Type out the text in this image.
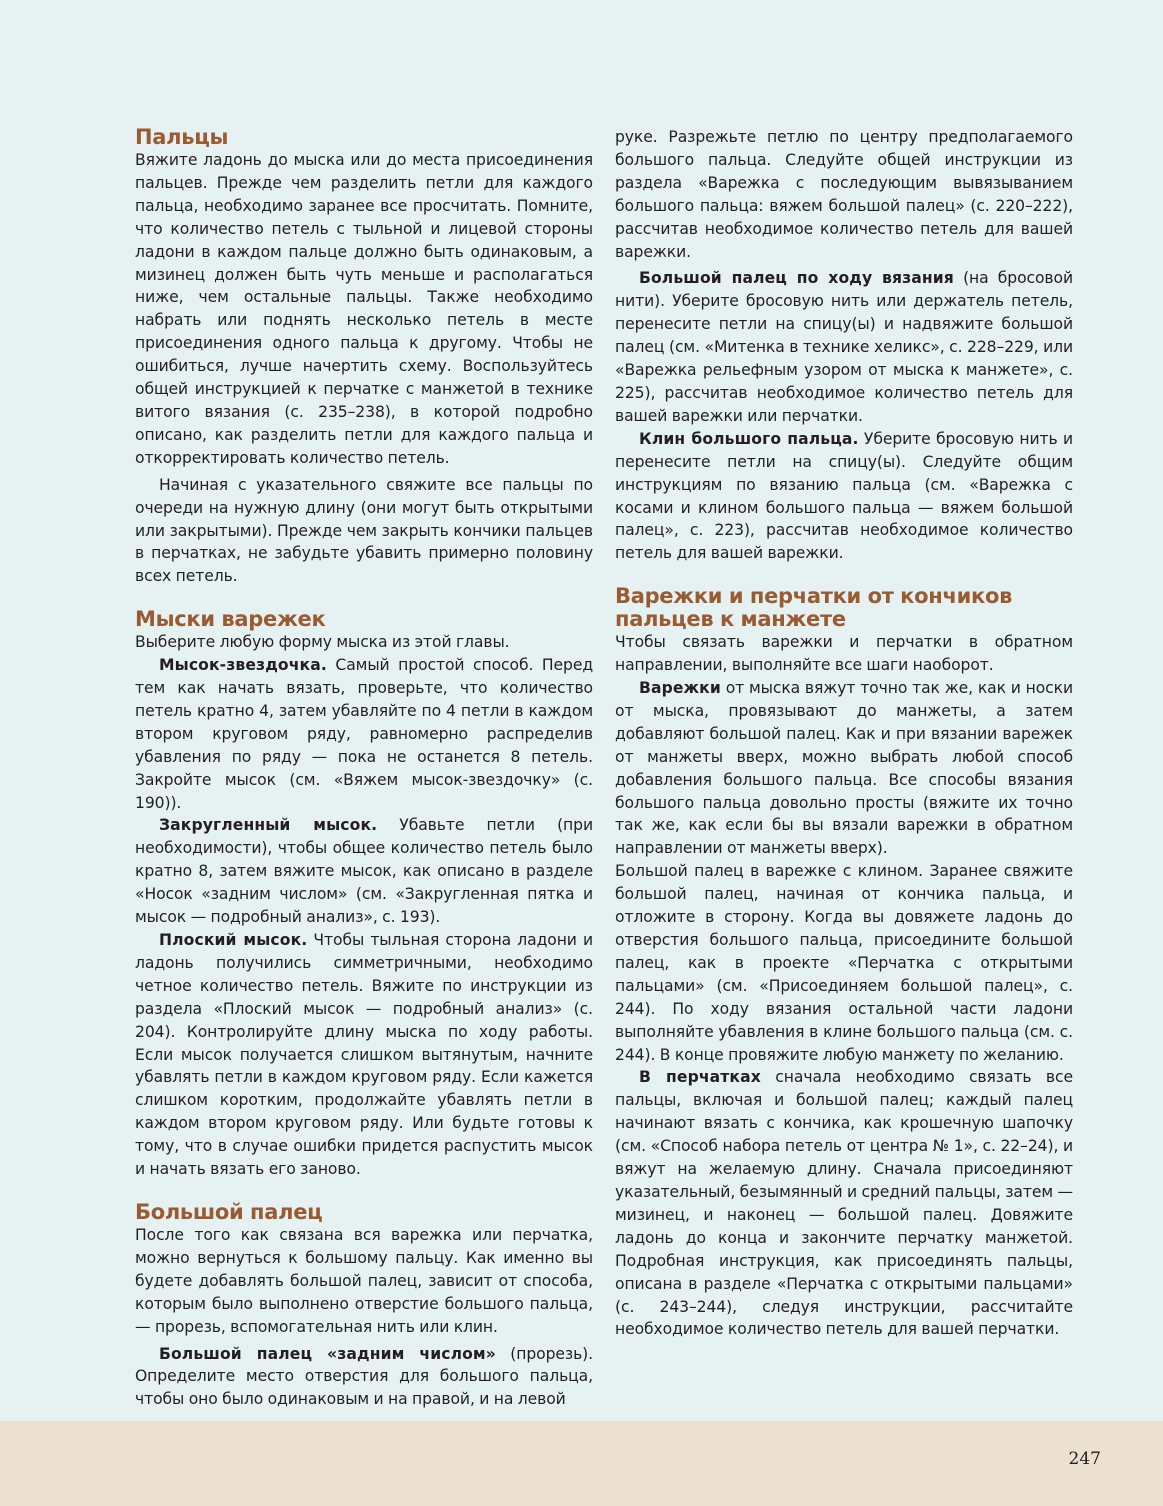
Пальцы

Вяжите ладонь до мыска или до места присоединения пальцев. Прежде чем разделить петли для каждого пальца, необходимо заранее все просчитать. Помните, что количество петель с тыльной и лицевой стороны ладони в каждом пальце должно быть одинаковым, а мизинец должен быть чуть меньше и располагаться ниже, чем остальные пальцы. Также необходимо набрать или поднять несколько петель в месте присоединения одного пальца к другому. Чтобы не ошибиться, лучше начертить схему. Воспользуйтесь общей инструкцией к перчатке с манжетой в технике витого вязания (с. 235–238), в которой подробно описано, как разделить петли для каждого пальца и откорректировать количество петель.

Начиная с указательного свяжите все пальцы по очереди на нужную длину (они могут быть открытыми или закрытыми). Прежде чем закрыть кончики пальцев в перчатках, не забудьте убавить примерно половину всех петель.

Мыски варежек

Выберите любую форму мыска из этой главы.

Мысок-звездочка. Самый простой способ. Перед тем как начать вязать, проверьте, что количество петель кратно 4, затем убавляйте по 4 петли в каждом втором круговом ряду, равномерно распределив убавления по ряду — пока не останется 8 петель. Закройте мысок (см. «Вяжем мысок-звездочку» (с. 190)).

Закругленный мысок. Убавьте петли (при необходимости), чтобы общее количество петель было кратно 8, затем вяжите мысок, как описано в разделе «Носок «задним числом» (см. «Закругленная пятка и мысок — подробный анализ», с. 193).

Плоский мысок. Чтобы тыльная сторона ладони и ладонь получились симметричными, необходимо четное количество петель. Вяжите по инструкции из раздела «Плоский мысок — подробный анализ» (с. 204). Контролируйте длину мыска по ходу работы. Если мысок получается слишком вытянутым, начните убавлять петли в каждом круговом ряду. Если кажется слишком коротким, продолжайте убавлять петли в каждом втором круговом ряду. Или будьте готовы к тому, что в случае ошибки придется распустить мысок и начать вязать его заново.

Большой палец

После того как связана вся варежка или перчатка, можно вернуться к большому пальцу. Как именно вы будете добавлять большой палец, зависит от способа, которым было выполнено отверстие большого пальца, — прорезь, вспомогательная нить или клин.

Большой палец «задним числом» (прорезь). Определите место отверстия для большого пальца, чтобы оно было одинаковым и на правой, и на левой

руке. Разрежьте петлю по центру предполагаемого большого пальца. Следуйте общей инструкции из раздела «Варежка с последующим вывязыванием большого пальца: вяжем большой палец» (с. 220–222), рассчитав необходимое количество петель для вашей варежки.

Большой палец по ходу вязания (на бросовой нити). Уберите бросовую нить или держатель петель, перенесите петли на спицу(ы) и надвяжите большой палец (см. «Митенка в технике хеликс», с. 228–229, или «Варежка рельефным узором от мыска к манжете», с. 225), рассчитав необходимое количество петель для вашей варежки или перчатки.

Клин большого пальца. Уберите бросовую нить и перенесите петли на спицу(ы). Следуйте общим инструкциям по вязанию пальца (см. «Варежка с косами и клином большого пальца — вяжем большой палец», с. 223), рассчитав необходимое количество петель для вашей варежки.

Варежки и перчатки от кончиков пальцев к манжете

Чтобы связать варежки и перчатки в обратном направлении, выполняйте все шаги наоборот.

Варежки от мыска вяжут точно так же, как и носки от мыска, провязывают до манжеты, а затем добавляют большой палец. Как и при вязании варежек от манжеты вверх, можно выбрать любой способ добавления большого пальца. Все способы вязания большого пальца довольно просты (вяжите их точно так же, как если бы вы вязали варежки в обратном направлении от манжеты вверх).

Большой палец в варежке с клином. Заранее свяжите большой палец, начиная от кончика пальца, и отложите в сторону. Когда вы довяжете ладонь до отверстия большого пальца, присоедините большой палец, как в проекте «Перчатка с открытыми пальцами» (см. «Присоединяем большой палец», с. 244). По ходу вязания остальной части ладони выполняйте убавления в клине большого пальца (см. с. 244). В конце провяжите любую манжету по желанию.

В перчатках сначала необходимо связать все пальцы, включая и большой палец; каждый палец начинают вязать с кончика, как крошечную шапочку (см. «Способ набора петель от центра № 1», с. 22–24), и вяжут на желаемую длину. Сначала присоединяют указательный, безымянный и средний пальцы, затем — мизинец, и наконец — большой палец. Довяжите ладонь до конца и закончите перчатку манжетой. Подробная инструкция, как присоединять пальцы, описана в разделе «Перчатка с открытыми пальцами» (с. 243–244), следуя инструкции, рассчитайте необходимое количество петель для вашей перчатки.

247
